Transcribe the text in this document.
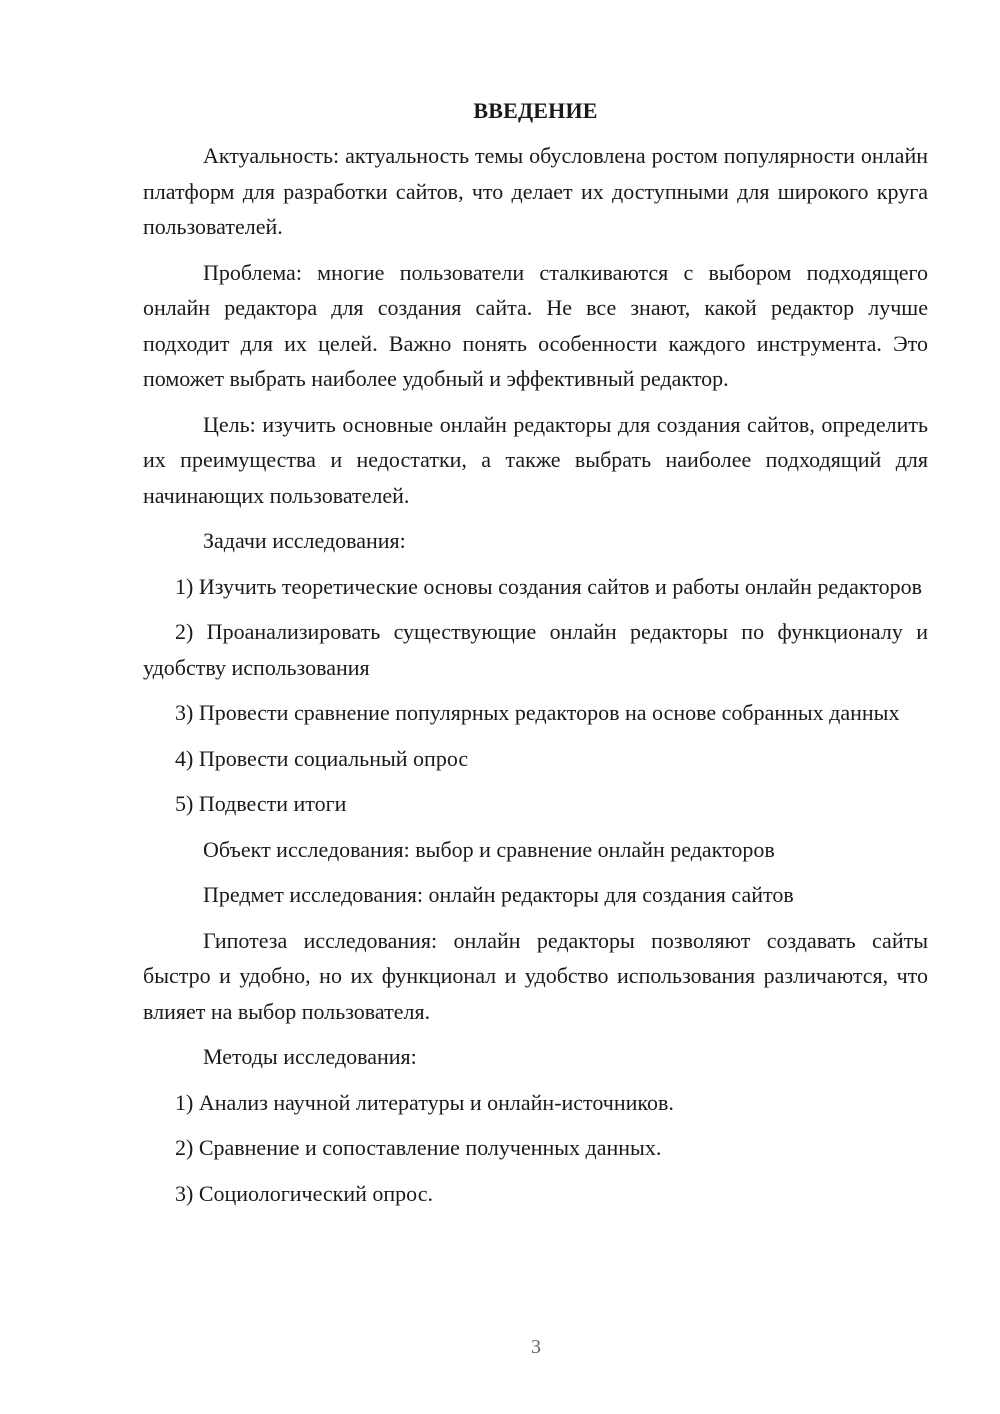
ВВЕДЕНИЕ

Актуальность: актуальность темы обусловлена ростом популярности онлайн платформ для разработки сайтов, что делает их доступными для широкого круга пользователей.

Проблема: многие пользователи сталкиваются с выбором подходящего онлайн редактора для создания сайта. Не все знают, какой редактор лучше подходит для их целей. Важно понять особенности каждого инструмента. Это поможет выбрать наиболее удобный и эффективный редактор.

Цель: изучить основные онлайн редакторы для создания сайтов, определить их преимущества и недостатки, а также выбрать наиболее подходящий для начинающих пользователей.

Задачи исследования:

1) Изучить теоретические основы создания сайтов и работы онлайн редакторов

2) Проанализировать существующие онлайн редакторы по функционалу и удобству использования

3) Провести сравнение популярных редакторов на основе собранных данных

4) Провести социальный опрос

5) Подвести итоги

Объект исследования: выбор и сравнение онлайн редакторов

Предмет исследования: онлайн редакторы для создания сайтов

Гипотеза исследования: онлайн редакторы позволяют создавать сайты быстро и удобно, но их функционал и удобство использования различаются, что влияет на выбор пользователя.

Методы исследования:

1) Анализ научной литературы и онлайн-источников.

2) Сравнение и сопоставление полученных данных.

3) Социологический опрос.

3
